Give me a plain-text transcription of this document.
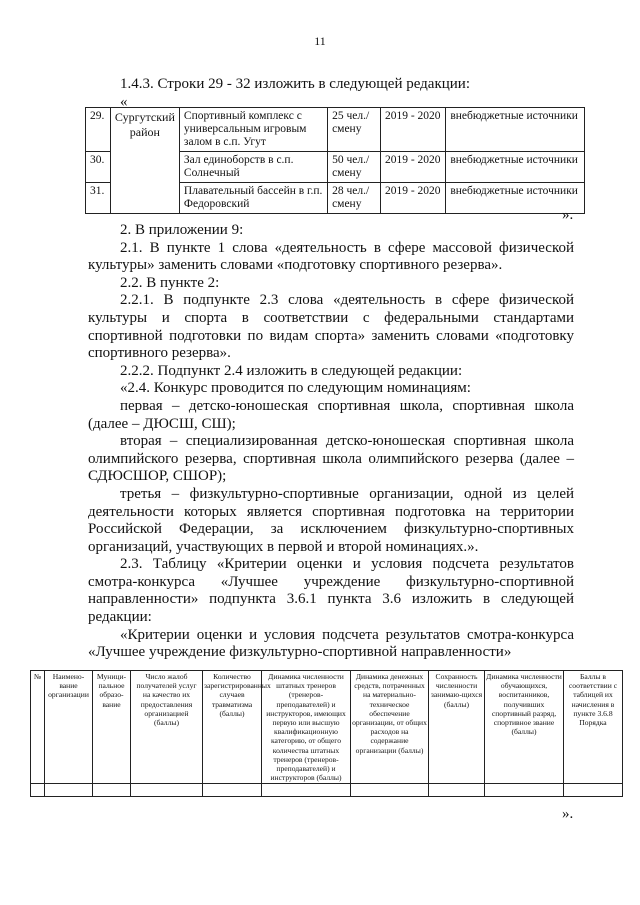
11
1.4.3. Строки 29 - 32 изложить в следующей редакции:
«
29.	Сургутский район	Спортивный комплекс с универсальным игровым залом в с.п. Угут	25 чел./ смену	2019 - 2020	внебюджетные источники
30.		Зал единоборств в с.п. Солнечный	50 чел./ смену	2019 - 2020	внебюджетные источники
31.		Плавательный бассейн в г.п. Федоровский	28 чел./ смену	2019 - 2020	внебюджетные источники
».

2. В приложении 9:

2.1. В пункте 1 слова «деятельность в сфере массовой физической культуры» заменить словами «подготовку спортивного резерва».

2.2. В пункте 2:

2.2.1. В подпункте 2.3 слова «деятельность в сфере физической культуры и спорта в соответствии с федеральными стандартами спортивной подготовки по видам спорта» заменить словами «подготовку спортивного резерва».

2.2.2. Подпункт 2.4 изложить в следующей редакции:

«2.4. Конкурс проводится по следующим номинациям:

первая – детско-юношеская спортивная школа, спортивная школа (далее – ДЮСШ, СШ);

вторая – специализированная детско-юношеская спортивная школа олимпийского резерва, спортивная школа олимпийского резерва (далее – СДЮСШОР, СШОР);

третья – физкультурно-спортивные организации, одной из целей деятельности которых является спортивная подготовка на территории Российской Федерации, за исключением физкультурно-спортивных организаций, участвующих в первой и второй номинациях.».

2.3. Таблицу «Критерии оценки и условия подсчета результатов смотра-конкурса «Лучшее учреждение физкультурно-спортивной направленности» подпункта 3.6.1 пункта 3.6 изложить в следующей редакции:

«Критерии оценки и условия подсчета результатов смотра-конкурса «Лучшее учреждение физкультурно-спортивной направленности»

№	Наимено-вание организации	Муници-пальное образо-вание	Число жалоб получателей услуг на качество их предоставления организацией (баллы)	Количество зарегистрированных случаев травматизма (баллы)	Динамика численности штатных тренеров (тренеров-преподавателей) и инструкторов, имеющих первую или высшую квалификационную категорию, от общего количества штатных тренеров (тренеров-преподавателей) и инструкторов (баллы)	Динамика денежных средств, потраченных на материально-техническое обеспечение организации, от общих расходов на содержание организации (баллы)	Сохранность численности занимаю-щихся (баллы)	Динамика численности обучающихся, воспитанников, получивших спортивный разряд, спортивное звание (баллы)	Баллы в соответствии с таблицей их начисления в пункте 3.6.8 Порядка

».
